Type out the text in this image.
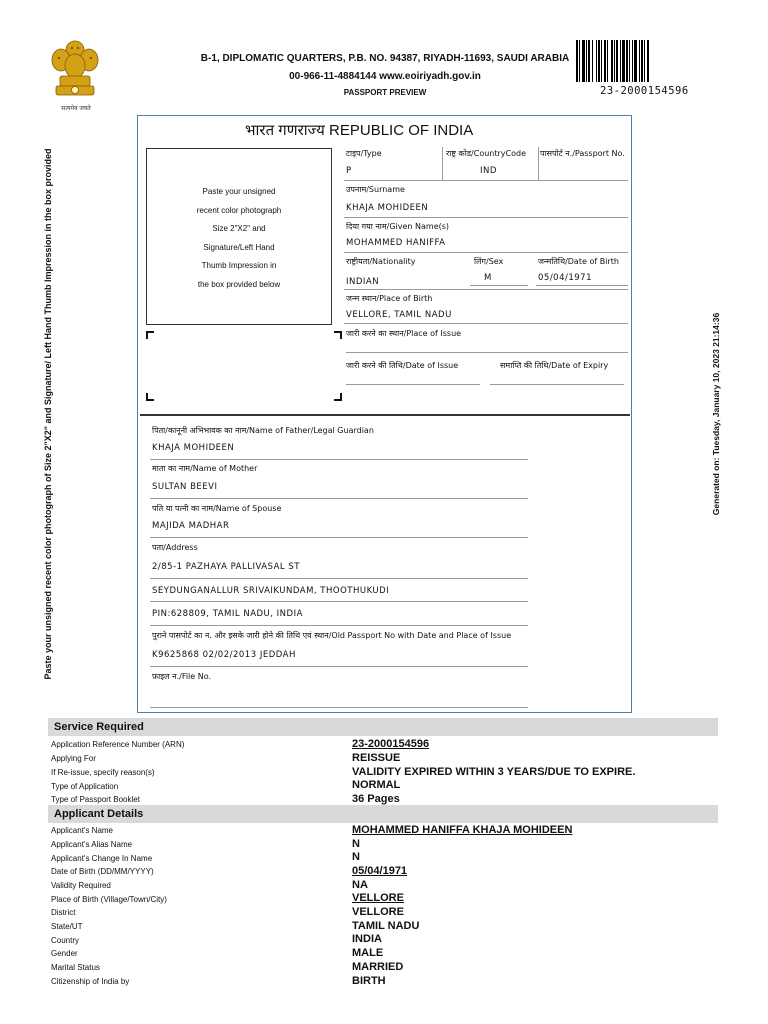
सत्यमेव जयते
B-1, DIPLOMATIC QUARTERS, P.B. NO. 94387, RIYADH-11693, SAUDI ARABIA
00-966-11-4884144 www.eoiriyadh.gov.in
PASSPORT PREVIEW	23-2000154596
Paste your unsigned recent color photograph of Size 2"X2" and Signature/ Left Hand Thumb Impression in the box provided	Generated on: Tuesday, January 10, 2023 21:14:36
भारत गणराज्य REPUBLIC OF INDIA
Paste your unsigned
recent color photograph
Size 2"X2" and
Signature/Left Hand
Thumb Impression in
the box provided below
टाइप/Type
P
राष्ट्र कोड/CountryCode
IND
पासपोर्ट न./Passport No.
उपनाम/Surname
KHAJA MOHIDEEN
दिया गया नाम/Given Name(s)
MOHAMMED HANIFFA
राष्ट्रीयता/Nationality
INDIAN
लिंग/Sex
M
जन्मतिथि/Date of Birth
05/04/1971
जन्म स्थान/Place of Birth
VELLORE, TAMIL NADU
जारी करने का स्थान/Place of Issue
जारी करने की तिथि/Date of Issue	समाप्ति की तिथि/Date of Expiry
पिता/कानूनी अभिभावक का नाम/Name of Father/Legal Guardian
KHAJA MOHIDEEN
माता का नाम/Name of Mother
SULTAN BEEVI
पति या पत्नी का नाम/Name of Spouse
MAJIDA MADHAR
पता/Address
2/85-1 PAZHAYA PALLIVASAL ST
SEYDUNGANALLUR SRIVAIKUNDAM, THOOTHUKUDI
PIN:628809, TAMIL NADU, INDIA
पुराने पासपोर्ट का न. और इसके जारी होने की तिथि एवं स्थान/Old Passport No with Date and Place of Issue
K9625868 02/02/2013 JEDDAH
फ़ाइल न./File No.
Service Required
Application Reference Number (ARN)	23-2000154596
Applying For	REISSUE
If Re-issue, specify reason(s)	VALIDITY EXPIRED WITHIN 3 YEARS/DUE TO EXPIRE.
Type of Application	NORMAL
Type of Passport Booklet	36 Pages
Applicant Details
Applicant's Name	MOHAMMED HANIFFA KHAJA MOHIDEEN
Applicant's Alias Name	N
Applicant's Change In Name	N
Date of Birth (DD/MM/YYYY)	05/04/1971
Validity Required	NA
Place of Birth (Village/Town/City)	VELLORE
District	VELLORE
State/UT	TAMIL NADU
Country	INDIA
Gender	MALE
Marital Status	MARRIED
Citizenship of India by	BIRTH
